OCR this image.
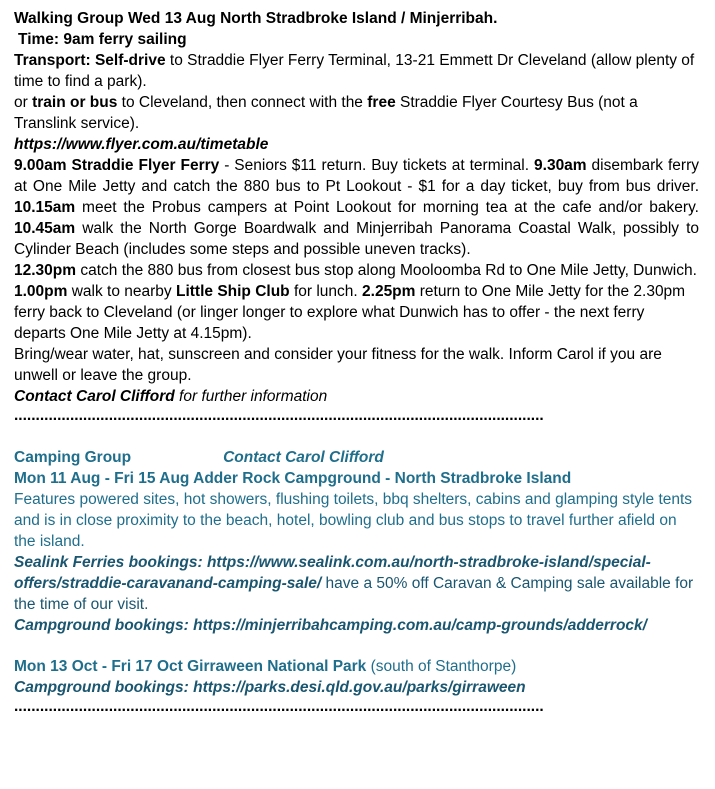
Walking Group Wed 13 Aug North Stradbroke Island / Minjerribah.

Time: 9am ferry sailing

Transport: Self-drive to Straddie Flyer Ferry Terminal, 13-21 Emmett Dr Cleveland (allow plenty of time to find a park).

or train or bus to Cleveland, then connect with the free Straddie Flyer Courtesy Bus (not a Translink service).

https://www.flyer.com.au/timetable

9.00am Straddie Flyer Ferry - Seniors $11 return. Buy tickets at terminal. 9.30am disembark ferry at One Mile Jetty and catch the 880 bus to Pt Lookout - $1 for a day ticket, buy from bus driver. 10.15am meet the Probus campers at Point Lookout for morning tea at the cafe and/or bakery. 10.45am walk the North Gorge Boardwalk and Minjerribah Panorama Coastal Walk, possibly to Cylinder Beach (includes some steps and possible uneven tracks).

12.30pm catch the 880 bus from closest bus stop along Mooloomba Rd to One Mile Jetty, Dunwich.

1.00pm walk to nearby Little Ship Club for lunch. 2.25pm return to One Mile Jetty for the 2.30pm ferry back to Cleveland (or linger longer to explore what Dunwich has to offer - the next ferry departs One Mile Jetty at 4.15pm).

Bring/wear water, hat, sunscreen and consider your fitness for the walk. Inform Carol if you are unwell or leave the group.

Contact Carol Clifford for further information

...........................................................................................................................

Camping Group	Contact Carol Clifford

Mon 11 Aug - Fri 15 Aug Adder Rock Campground - North Stradbroke Island

Features powered sites, hot showers, flushing toilets, bbq shelters, cabins and glamping style tents and is in close proximity to the beach, hotel, bowling club and bus stops to travel further afield on the island.

Sealink Ferries bookings: https://www.sealink.com.au/north-stradbroke-island/special-offers/straddie-caravanand-camping-sale/ have a 50% off Caravan & Camping sale available for the time of our visit.

Campground bookings: https://minjerribahcamping.com.au/camp-grounds/adderrock/

Mon 13 Oct - Fri 17 Oct Girraween National Park (south of Stanthorpe)

Campground bookings: https://parks.desi.qld.gov.au/parks/girraween

...........................................................................................................................
